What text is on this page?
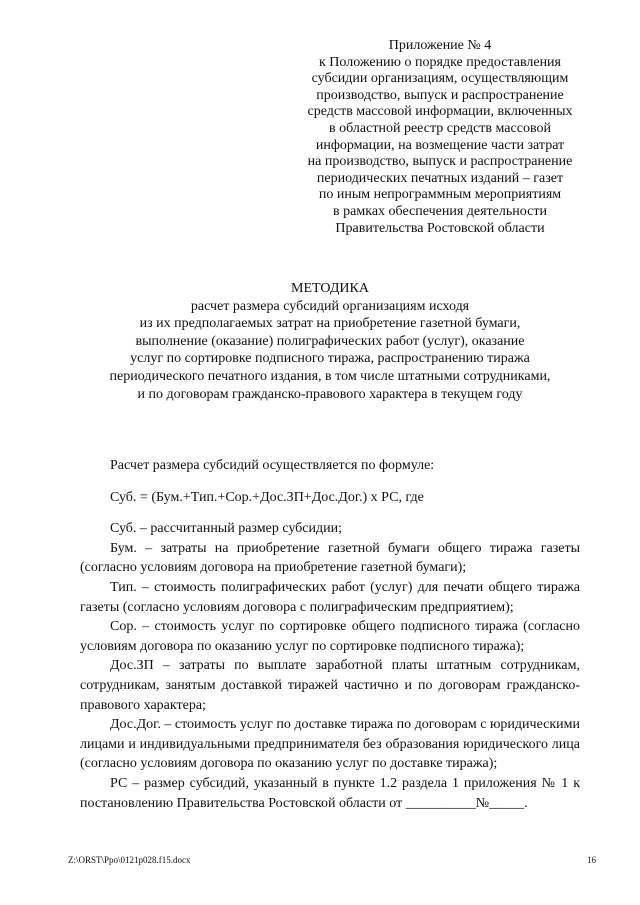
Приложение № 4
к Положению о порядке предоставления
субсидии организациям, осуществляющим
производство, выпуск и распространение
средств массовой информации, включенных
в областной реестр средств массовой
информации, на возмещение части затрат
на производство, выпуск и распространение
периодических печатных изданий – газет
по иным непрограммным мероприятиям
в рамках обеспечения деятельности
Правительства Ростовской области
МЕТОДИКА
расчет размера субсидий организациям исходя
из их предполагаемых затрат на приобретение газетной бумаги,
выполнение (оказание) полиграфических работ (услуг), оказание
услуг по сортировке подписного тиража, распространению тиража
периодического печатного издания, в том числе штатными сотрудниками,
и по договорам гражданско-правового характера в текущем году

Расчет размера субсидий осуществляется по формуле:

Суб. = (Бум.+Тип.+Сор.+Дос.ЗП+Дос.Дог.) х РС, где

Суб. – рассчитанный размер субсидии;

Бум. – затраты на приобретение газетной бумаги общего тиража газеты (согласно условиям договора на приобретение газетной бумаги);

Тип. – стоимость полиграфических работ (услуг) для печати общего тиража газеты (согласно условиям договора с полиграфическим предприятием);

Сор. – стоимость услуг по сортировке общего подписного тиража (согласно условиям договора по оказанию услуг по сортировке подписного тиража);

Дос.ЗП – затраты по выплате заработной платы штатным сотрудникам, сотрудникам, занятым доставкой тиражей частично и по договорам гражданско-правового характера;

Дос.Дог. – стоимость услуг по доставке тиража по договорам с юридическими лицами и индивидуальными предпринимателя без образования юридического лица (согласно условиям договора по оказанию услуг по доставке тиража);

РС – размер субсидий, указанный в пункте 1.2 раздела 1 приложения № 1 к постановлению Правительства Ростовской области от __________№_____.

Z:\ORST\Ppo\0121p028.f15.docx	16
